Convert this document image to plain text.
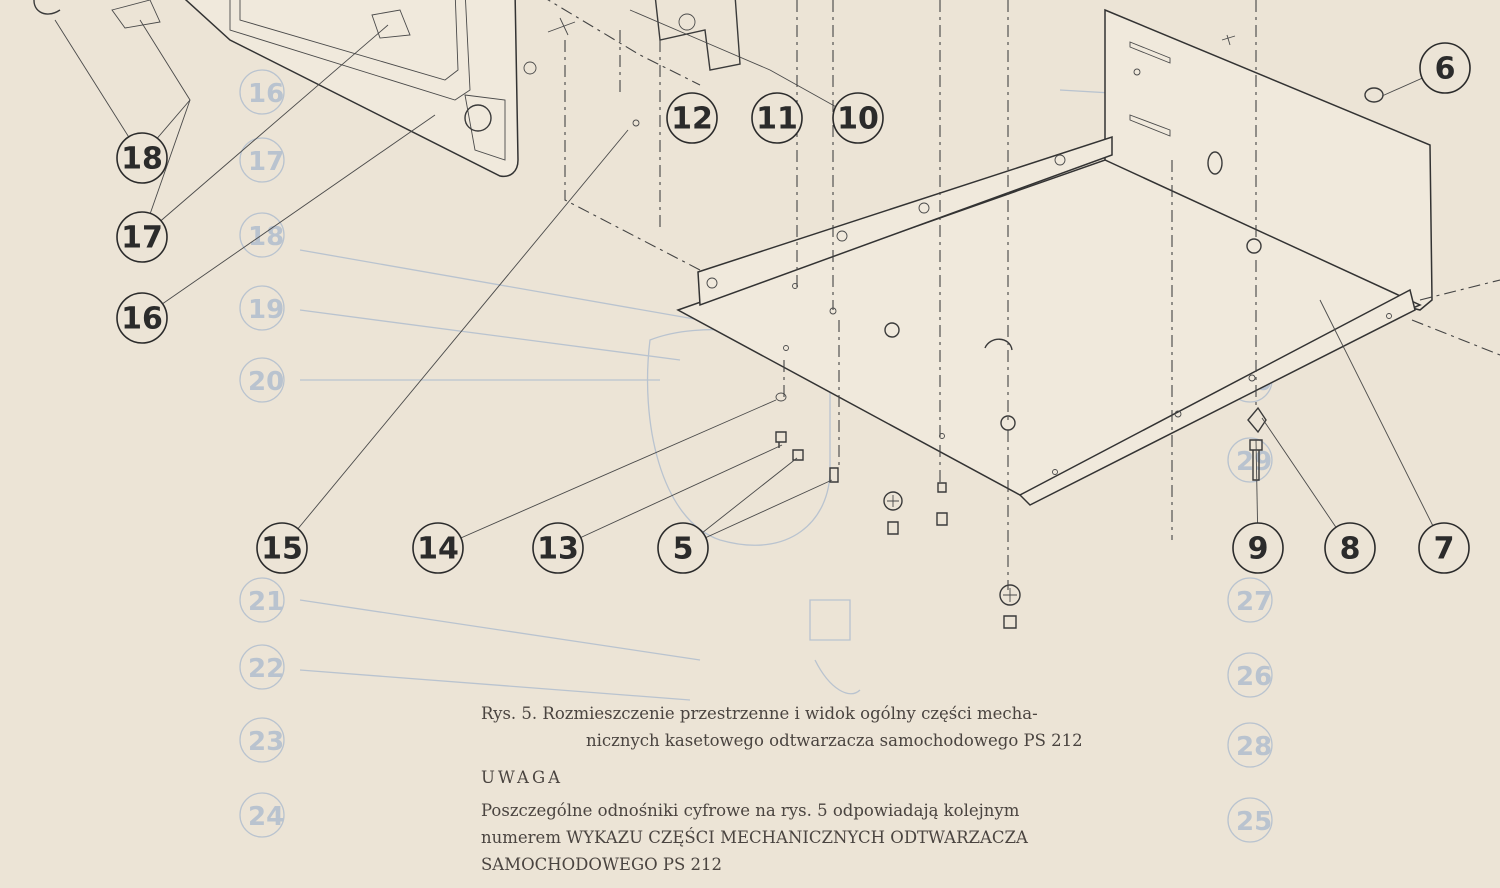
16
17
18
19
20
21
22
23
24
29
27
26
28
25
18
17
16
15	14	13	5
12 11 10
6
9 8 7

Rys. 5. Rozmieszczenie przestrzenne i widok ogólny części mecha-

nicznych kasetowego odtwarzacza samochodowego PS 212

UWAGA

Poszczególne odnośniki cyfrowe na rys. 5 odpowiadają kolejnym

numerem WYKAZU CZĘŚCI MECHANICZNYCH ODTWARZACZA

SAMOCHODOWEGO PS 212
